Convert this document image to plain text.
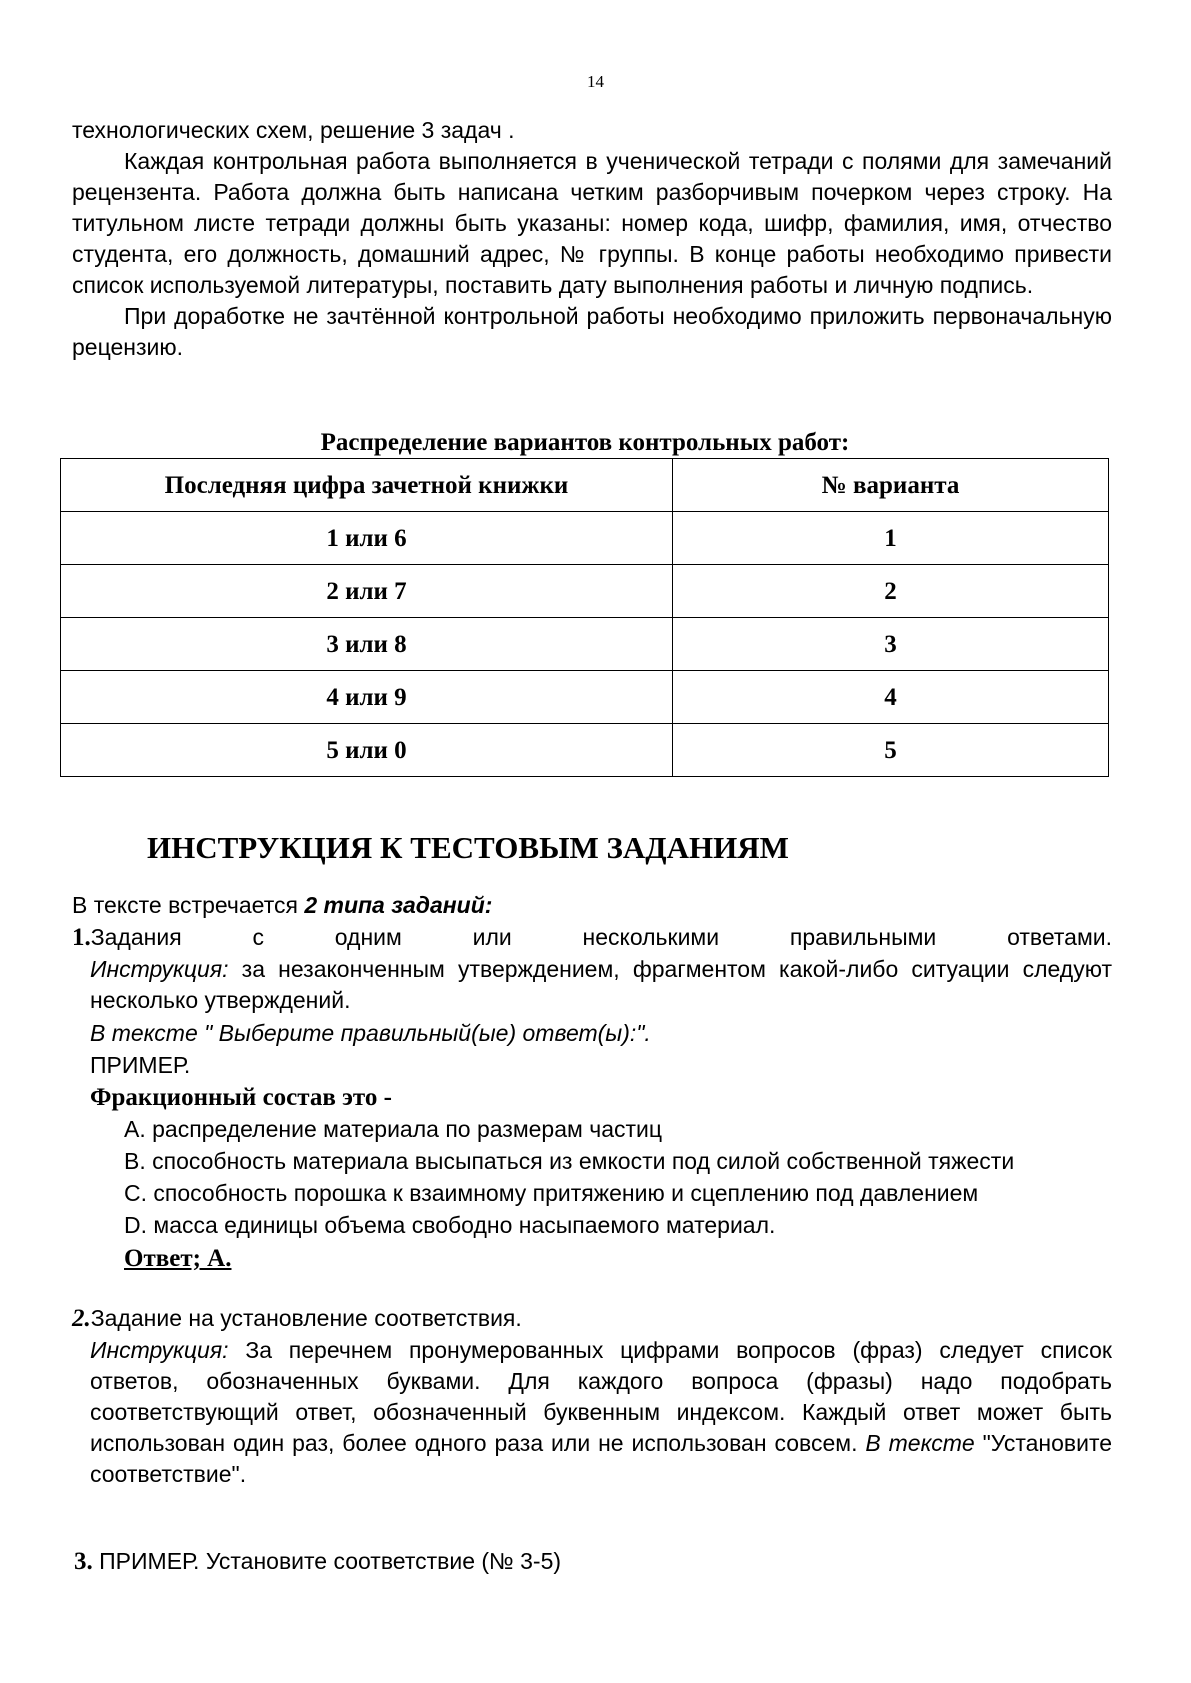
14

технологических схем, решение 3 задач .

Каждая контрольная работа выполняется в ученической тетради с полями для замечаний рецензента. Работа должна быть написана четким разборчивым почерком через строку. На титульном листе тетради должны быть указаны: номер кода, шифр, фамилия, имя, отчество студента, его должность, домашний адрес, № группы. В конце работы необходимо привести список используемой литературы, поставить дату выполнения работы и личную подпись.

При доработке не зачтённой контрольной работы необходимо приложить первоначальную рецензию.

Распределение вариантов контрольных работ:
Последняя цифра зачетной книжки	№ варианта
1 или 6	1
2 или 7	2
3 или 8	3
4 или 9	4
5 или 0	5
ИНСТРУКЦИЯ К ТЕСТОВЫМ ЗАДАНИЯМ
В тексте встречается 2 типа заданий:

1.Задания с одним или несколькими правильными ответами.

Инструкция: за незаконченным утверждением, фрагментом какой-либо ситуации следуют несколько утверждений.

В тексте " Выберите правильный(ые) ответ(ы):".
ПРИМЕР.
Фракционный состав это -
А. распределение материала по размерам частиц
В. способность материала высыпаться из емкости под силой собственной тяжести
С. способность порошка к взаимному притяжению и сцеплению под давлением
D. масса единицы объема свободно насыпаемого материал.
Ответ; А.
2.Задание на установление соответствия.

Инструкция: За перечнем пронумерованных цифрами вопросов (фраз) следует список ответов, обозначенных буквами. Для каждого вопроса (фразы) надо подобрать соответствующий ответ, обозначенный буквенным индексом. Каждый ответ может быть использован один раз, более одного раза или не использован совсем. В тексте "Установите соответствие".

3. ПРИМЕР. Установите соответствие (№ 3-5)
